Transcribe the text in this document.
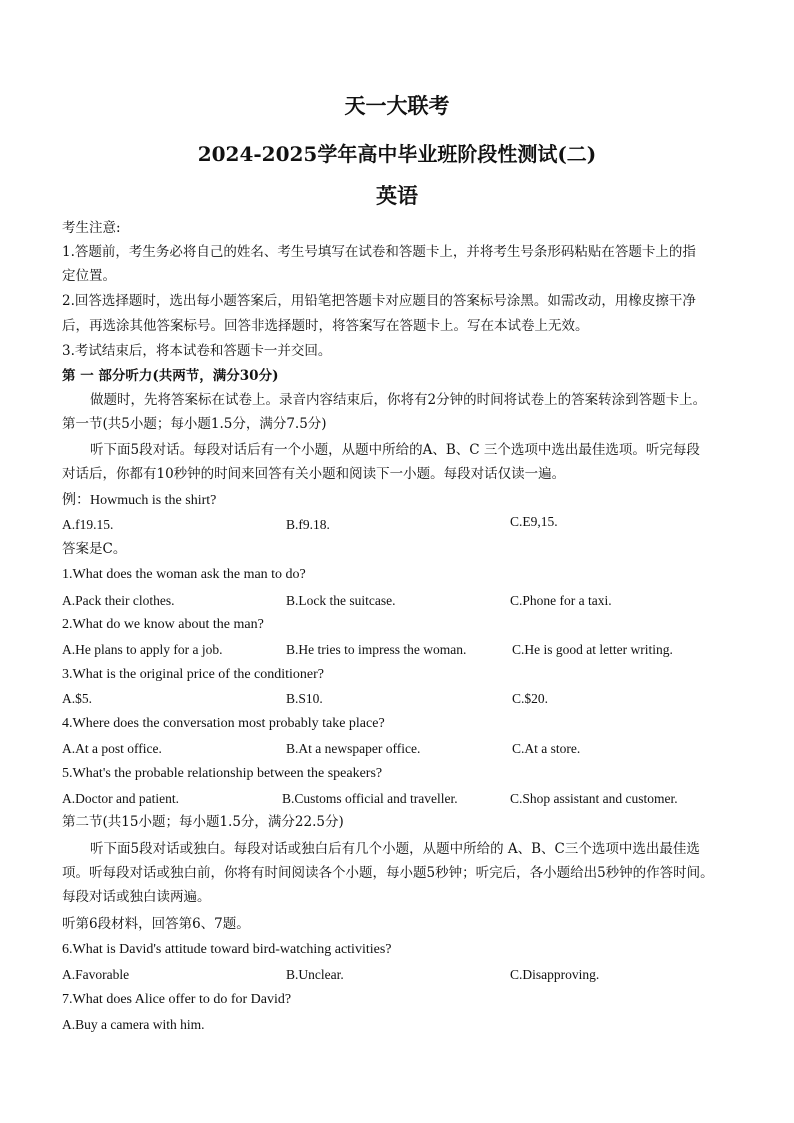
天一大联考
2024-2025学年高中毕业班阶段性测试(二)
英语
考生注意:
1.答题前，考生务必将自己的姓名、考生号填写在试卷和答题卡上，并将考生号条形码粘贴在答题卡上的指
定位置。
2.回答选择题时，选出每小题答案后，用铅笔把答题卡对应题目的答案标号涂黑。如需改动，用橡皮擦干净
后，再选涂其他答案标号。回答非选择题时，将答案写在答题卡上。写在本试卷上无效。
3.考试结束后，将本试卷和答题卡一并交回。
第 一 部分听力(共两节，满分30分)
做题时，先将答案标在试卷上。录音内容结束后，你将有2分钟的时间将试卷上的答案转涂到答题卡上。
第一节(共5小题；每小题1.5分，满分7.5分)
听下面5段对话。每段对话后有一个小题，从题中所给的A、B、C 三个选项中选出最佳选项。听完每段
对话后，你都有10秒钟的时间来回答有关小题和阅读下一小题。每段对话仅读一遍。
例：Howmuch is the shirt?
A.f19.15.	B.f9.18.	C.E9,15.
答案是C。
1.What does the woman ask the man to do?
A.Pack their clothes.	B.Lock the suitcase.	C.Phone for a taxi.
2.What do we know about the man?
A.He plans to apply for a job.	B.He tries to impress the woman.	C.He is good at letter writing.
3.What is the original price of the conditioner?
A.$5.	B.S10.	C.$20.
4.Where does the conversation most probably take place?
A.At a post office.	B.At a newspaper office.	C.At a store.
5.What's the probable relationship between the speakers?
A.Doctor and patient.	B.Customs official and traveller.	C.Shop assistant and customer.
第二节(共15小题；每小题1.5分，满分22.5分)
听下面5段对话或独白。每段对话或独白后有几个小题，从题中所给的 A、B、C三个选项中选出最佳选
项。听每段对话或独白前，你将有时间阅读各个小题，每小题5秒钟；听完后，各小题给出5秒钟的作答时间。
每段对话或独白读两遍。
听第6段材料，回答第6、7题。
6.What is David's attitude toward bird-watching activities?
A.Favorable	B.Unclear.	C.Disapproving.
7.What does Alice offer to do for David?
A.Buy a camera with him.
